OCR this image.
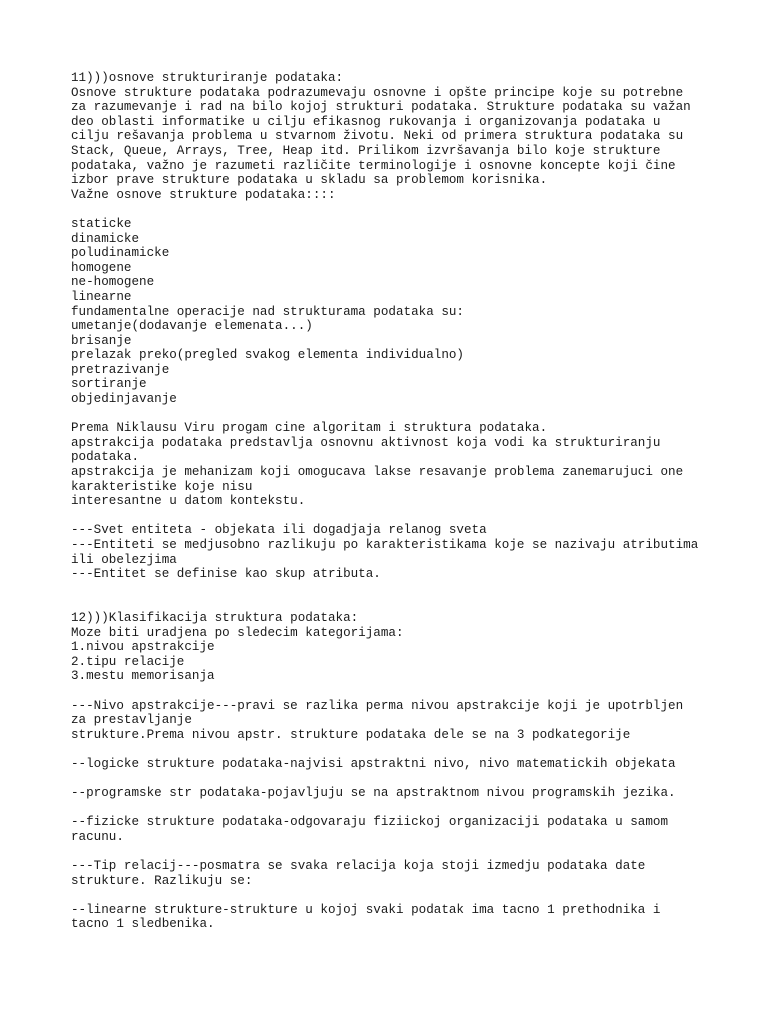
11)))osnove strukturiranje podataka:
Osnove strukture podataka podrazumevaju osnovne i opšte principe koje su potrebne
za razumevanje i rad na bilo kojoj strukturi podataka. Strukture podataka su važan
deo oblasti informatike u cilju efikasnog rukovanja i organizovanja podataka u
cilju rešavanja problema u stvarnom životu. Neki od primera struktura podataka su
Stack, Queue, Arrays, Tree, Heap itd. Prilikom izvršavanja bilo koje strukture
podataka, važno je razumeti različite terminologije i osnovne koncepte koji čine
izbor prave strukture podataka u skladu sa problemom korisnika.
Važne osnove strukture podataka::::

staticke
dinamicke
poludinamicke
homogene
ne-homogene
linearne
fundamentalne operacije nad strukturama podataka su:
umetanje(dodavanje elemenata...)
brisanje
prelazak preko(pregled svakog elementa individualno)
pretrazivanje
sortiranje
objedinjavanje

Prema Niklausu Viru progam cine algoritam i struktura podataka.
apstrakcija podataka predstavlja osnovnu aktivnost koja vodi ka strukturiranju
podataka.
apstrakcija je mehanizam koji omogucava lakse resavanje problema zanemarujuci one
karakteristike koje nisu
interesantne u datom kontekstu.

---Svet entiteta - objekata ili dogadjaja relanog sveta
---Entiteti se medjusobno razlikuju po karakteristikama koje se nazivaju atributima
ili obelezjima
---Entitet se definise kao skup atributa.

12)))Klasifikacija struktura podataka:
Moze biti uradjena po sledecim kategorijama:
1.nivou apstrakcije
2.tipu relacije
3.mestu memorisanja

---Nivo apstrakcije---pravi se razlika perma nivou apstrakcije koji je upotrbljen
za prestavljanje
strukture.Prema nivou apstr. strukture podataka dele se na 3 podkategorije

--logicke strukture podataka-najvisi apstraktni nivo, nivo matematickih objekata

--programske str podataka-pojavljuju se na apstraktnom nivou programskih jezika.

--fizicke strukture podataka-odgovaraju fiziickoj organizaciji podataka u samom
racunu.

---Tip relacij---posmatra se svaka relacija koja stoji izmedju podataka date
strukture. Razlikuju se:

--linearne strukture-strukture u kojoj svaki podatak ima tacno 1 prethodnika i
tacno 1 sledbenika.
